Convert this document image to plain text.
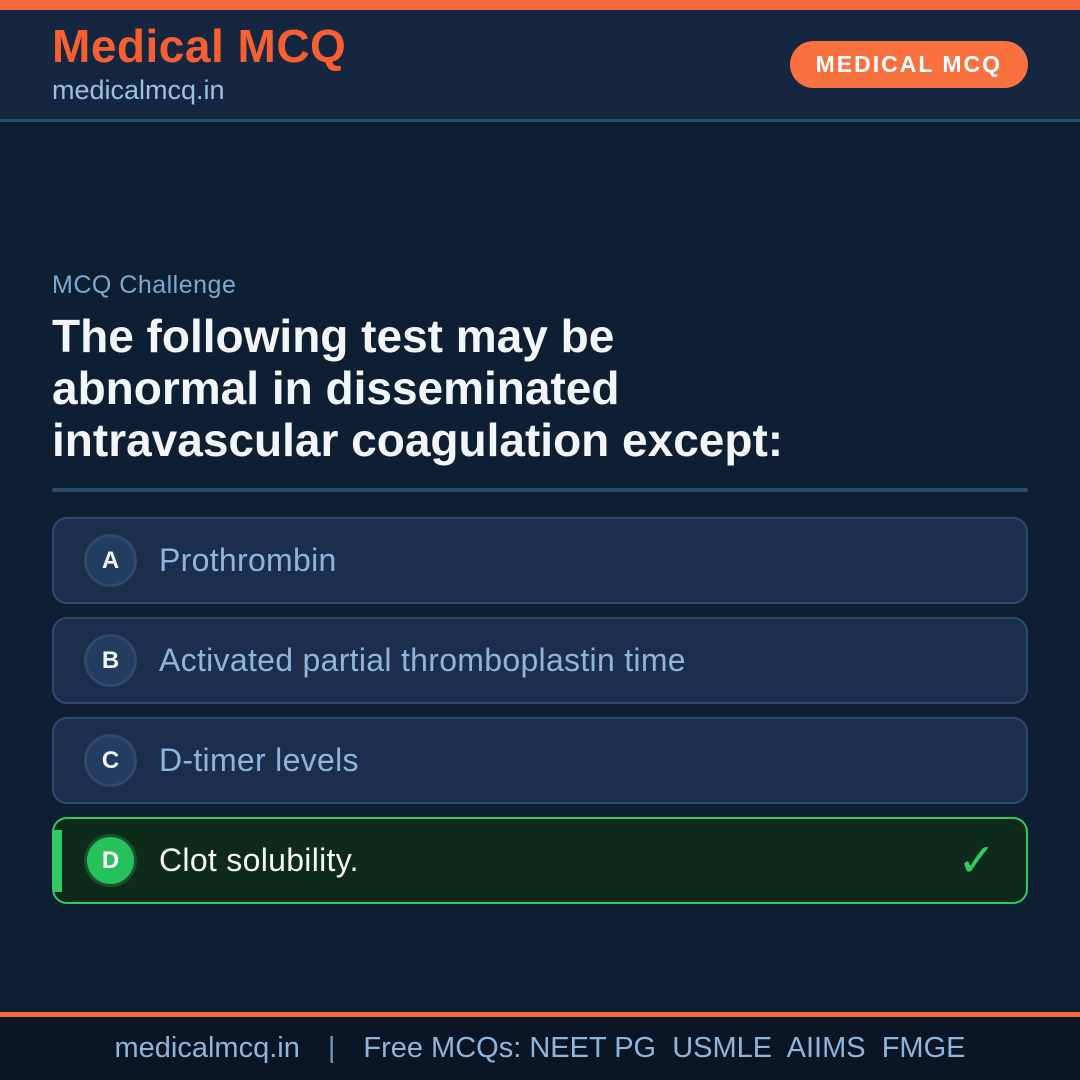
Medical MCQ
medicalmcq.in
MEDICAL MCQ
MCQ Challenge
The following test may be
abnormal in disseminated
intravascular coagulation except:
A	Prothrombin
B	Activated partial thromboplastin time
C	D-timer levels
D	Clot solubility.	✓
medicalmcq.in | Free MCQs: NEET PG  USMLE  AIIMS  FMGE
